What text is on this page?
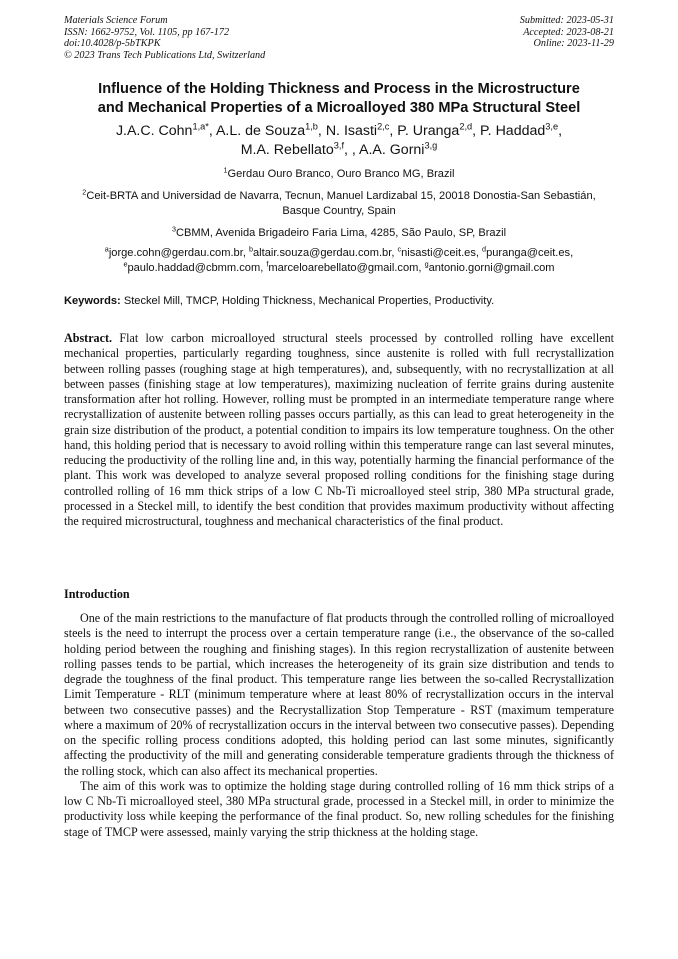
Materials Science Forum
ISSN: 1662-9752, Vol. 1105, pp 167-172
doi:10.4028/p-5bTKPK
© 2023 Trans Tech Publications Ltd, Switzerland
Submitted: 2023-05-31
Accepted: 2023-08-21
Online: 2023-11-29
Influence of the Holding Thickness and Process in the Microstructure
and Mechanical Properties of a Microalloyed 380 MPa Structural Steel
J.A.C. Cohn$^{1,a*}$, A.L. de Souza$^{1,b}$, N. Isasti$^{2,c}$, P. Uranga$^{2,d}$, P. Haddad$^{3,e}$,
M.A. Rebellato$^{3,f}$, , A.A. Gorni$^{3,g}$
$^1$Gerdau Ouro Branco, Ouro Branco MG, Brazil
$^2$Ceit-BRTA and Universidad de Navarra, Tecnun, Manuel Lardizabal 15, 20018 Donostia-San Sebastián, Basque Country, Spain
$^3$CBMM, Avenida Brigadeiro Faria Lima, 4285, São Paulo, SP, Brazil
$^a$jorge.cohn@gerdau.com.br, $^b$altair.souza@gerdau.com.br, $^c$nisasti@ceit.es, $^d$puranga@ceit.es,
$^e$paulo.haddad@cbmm.com, $^f$marceloarebellato@gmail.com, $^g$antonio.gorni@gmail.com
Keywords: Steckel Mill, TMCP, Holding Thickness, Mechanical Properties, Productivity.
Abstract. Flat low carbon microalloyed structural steels processed by controlled rolling have excellent mechanical properties, particularly regarding toughness, since austenite is rolled with full recrystallization between rolling passes (roughing stage at high temperatures), and, subsequently, with no recrystallization at all between passes (finishing stage at low temperatures), maximizing nucleation of ferrite grains during austenite transformation after hot rolling. However, rolling must be prompted in an intermediate temperature range where recrystallization of austenite between rolling passes occurs partially, as this can lead to great heterogeneity in the grain size distribution of the product, a potential condition to impairs its low temperature toughness. On the other hand, this holding period that is necessary to avoid rolling within this temperature range can last several minutes, reducing the productivity of the rolling line and, in this way, potentially harming the financial performance of the plant. This work was developed to analyze several proposed rolling conditions for the finishing stage during controlled rolling of 16 mm thick strips of a low C Nb-Ti microalloyed steel strip, 380 MPa structural grade, processed in a Steckel mill, to identify the best condition that provides maximum productivity without affecting the required microstructural, toughness and mechanical characteristics of the final product.
Introduction

One of the main restrictions to the manufacture of flat products through the controlled rolling of microalloyed steels is the need to interrupt the process over a certain temperature range (i.e., the observance of the so-called holding period between the roughing and finishing stages). In this region recrystallization of austenite between rolling passes tends to be partial, which increases the heterogeneity of its grain size distribution and tends to degrade the toughness of the final product. This temperature range lies between the so-called Recrystallization Limit Temperature - RLT (minimum temperature where at least 80% of recrystallization occurs in the interval between two consecutive passes) and the Recrystallization Stop Temperature - RST (maximum temperature where a maximum of 20% of recrystallization occurs in the interval between two consecutive passes). Depending on the specific rolling process conditions adopted, this holding period can last some minutes, significantly affecting the productivity of the mill and generating considerable temperature gradients through the thickness of the rolling stock, which can also affect its mechanical properties.

The aim of this work was to optimize the holding stage during controlled rolling of 16 mm thick strips of a low C Nb-Ti microalloyed steel, 380 MPa structural grade, processed in a Steckel mill, in order to minimize the productivity loss while keeping the performance of the final product. So, new rolling schedules for the finishing stage of TMCP were assessed, mainly varying the strip thickness at the holding stage.
